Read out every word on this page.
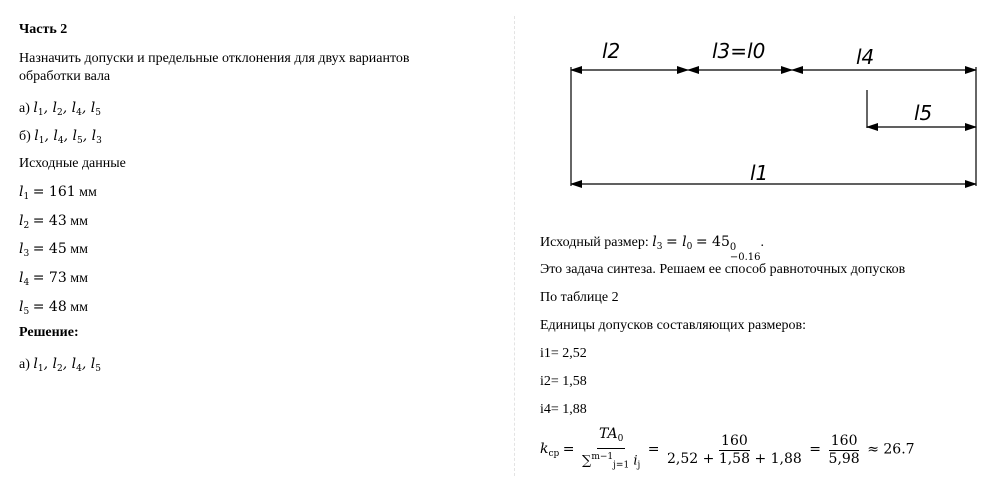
Часть 2
Назначить допуски и предельные отклонения для двух вариантов обработки вала
а) $l_1$, $l_2$, $l_4$, $l_5$
б) $l_1$, $l_4$, $l_5$, $l_3$
Исходные данные
$l_1 = 161$ мм
$l_2 = 43$ мм
$l_3 = 45$ мм
$l_4 = 73$ мм
$l_5 = 48$ мм
Решение:
а) $l_1$, $l_2$, $l_4$, $l_5$
l2	l3=l0	l4
l5
l1
Исходный размер: $l_3 = l_0 = 45$ 0
−0.16
.
Это задача синтеза. Решаем ее способ равноточных допусков
По таблице 2
Единицы допусков составляющих размеров:
i1= 2,52
i2= 1,58
i4= 1,88
$k_{ср} = \frac{TA_0}{\sum^{m-1}_{j=1} i_j} = \frac{160}{2,52 + 1,58 + 1,88} = \frac{160}{5,98} \approx 26.7$
